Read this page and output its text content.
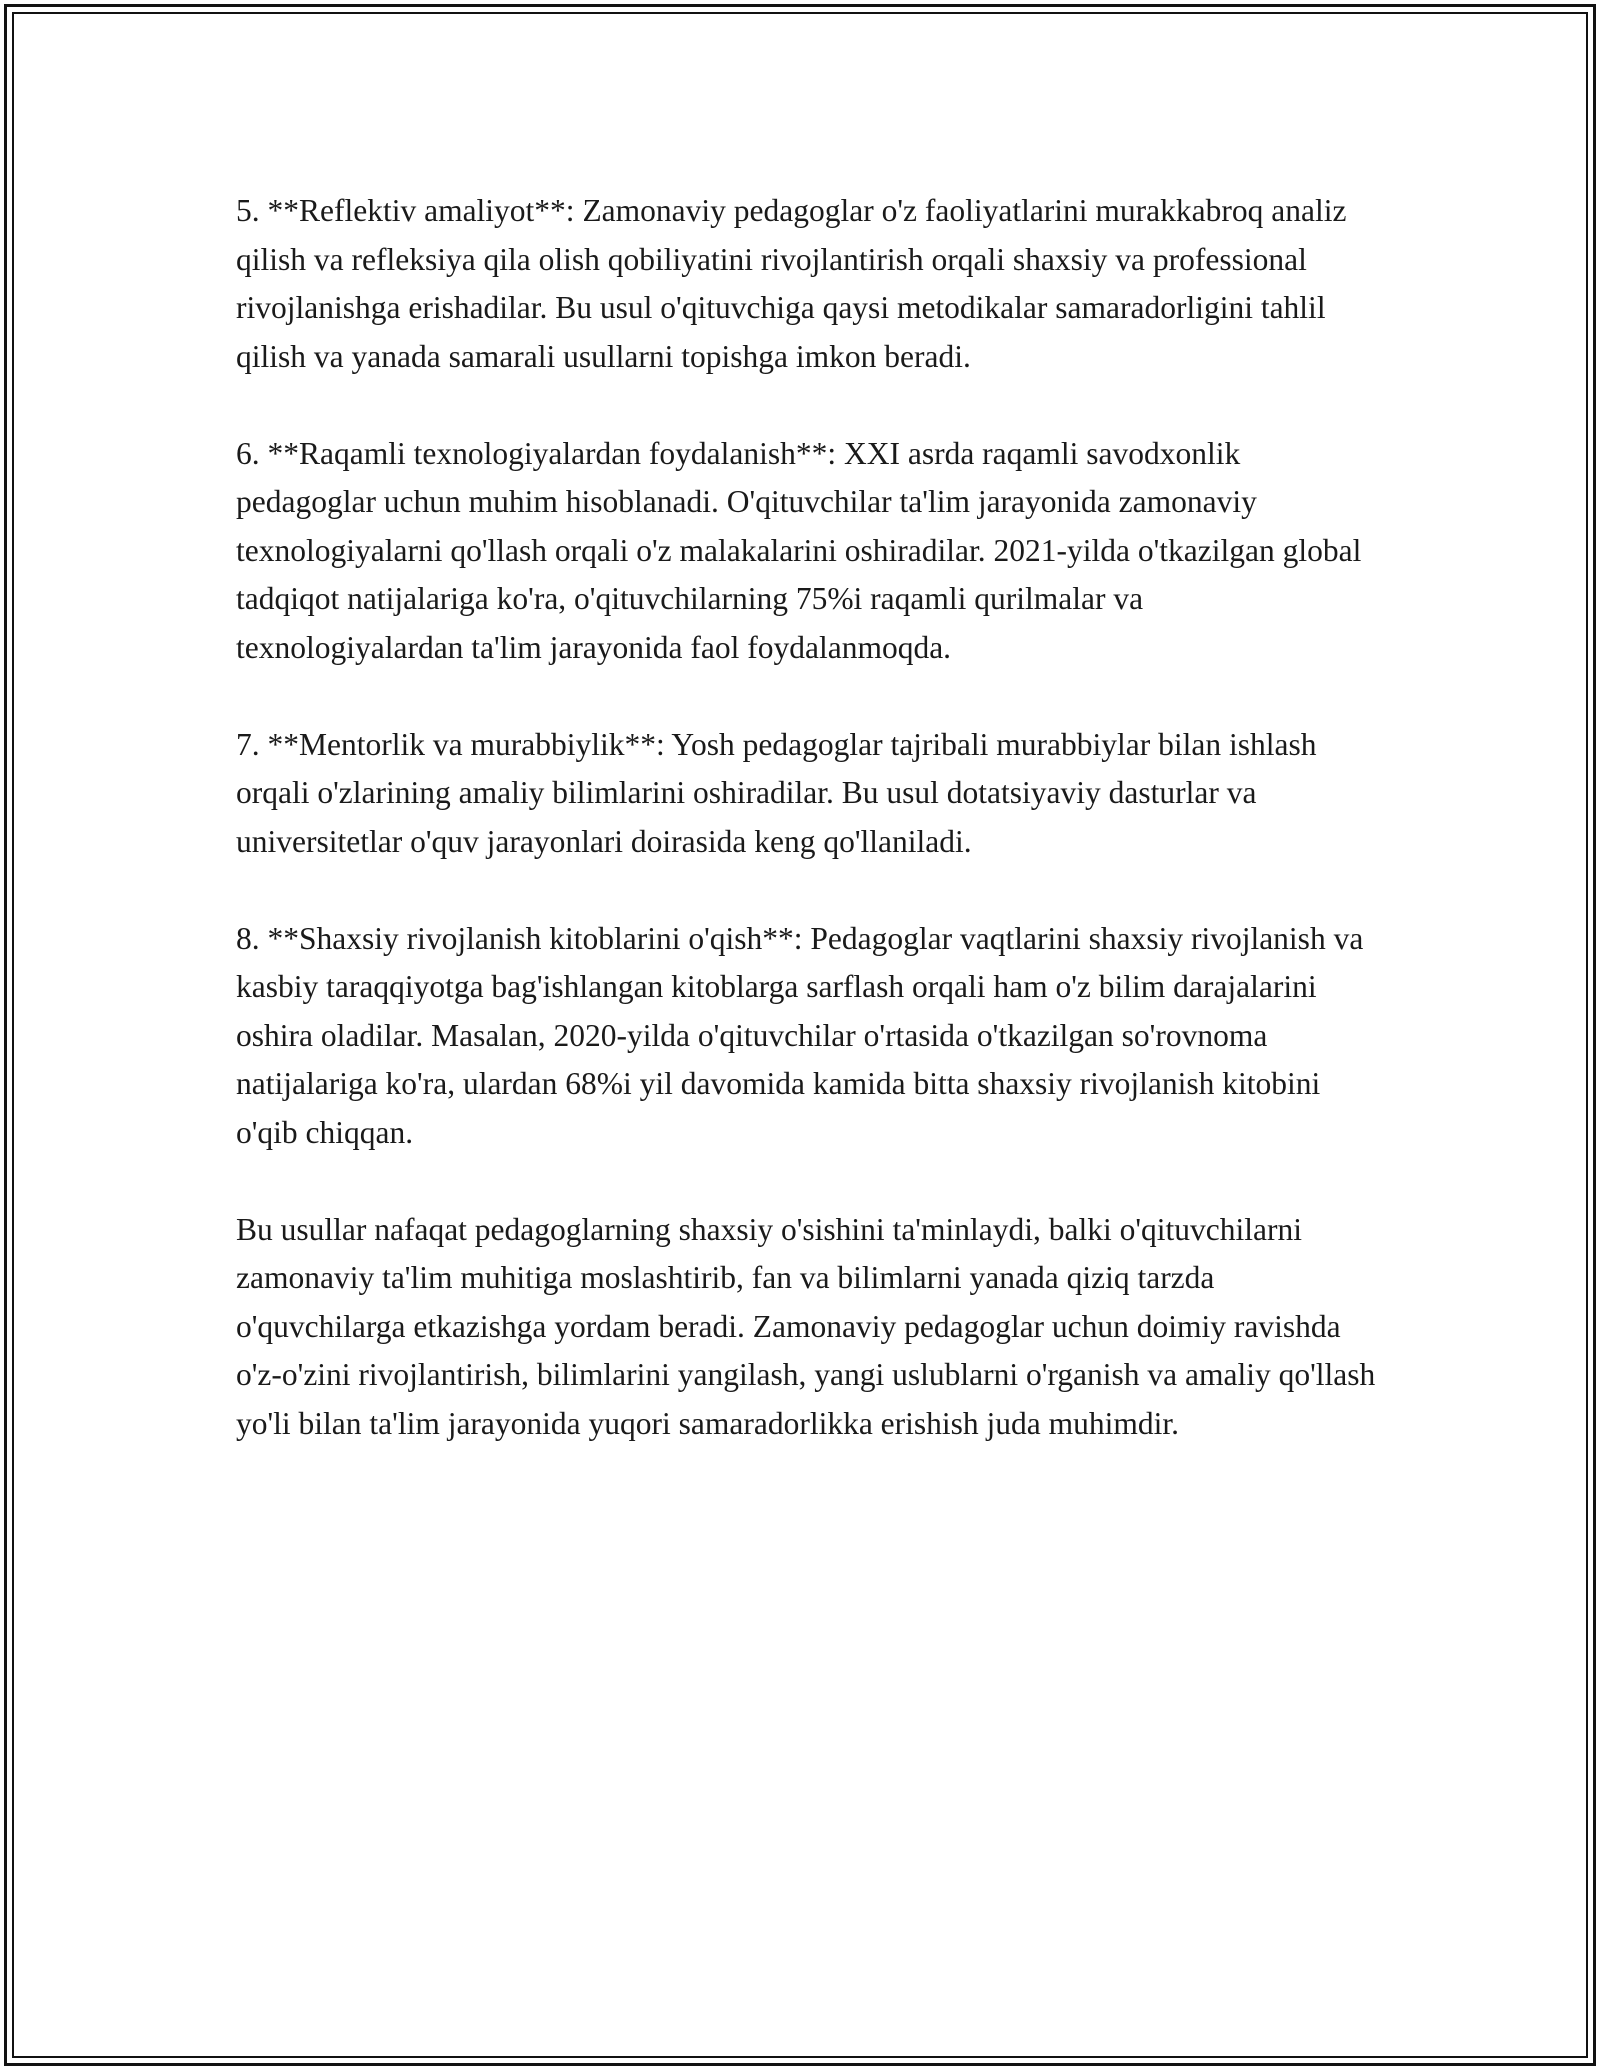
5. **Reflektiv amaliyot**: Zamonaviy pedagoglar o'z faoliyatlarini murakkabroq analiz qilish va refleksiya qila olish qobiliyatini rivojlantirish orqali shaxsiy va professional rivojlanishga erishadilar. Bu usul o'qituvchiga qaysi metodikalar samaradorligini tahlil qilish va yanada samarali usullarni topishga imkon beradi.

6. **Raqamli texnologiyalardan foydalanish**: XXI asrda raqamli savodxonlik pedagoglar uchun muhim hisoblanadi. O'qituvchilar ta'lim jarayonida zamonaviy texnologiyalarni qo'llash orqali o'z malakalarini oshiradilar. 2021-yilda o'tkazilgan global tadqiqot natijalariga ko'ra, o'qituvchilarning 75%i raqamli qurilmalar va texnologiyalardan ta'lim jarayonida faol foydalanmoqda.

7. **Mentorlik va murabbiylik**: Yosh pedagoglar tajribali murabbiylar bilan ishlash orqali o'zlarining amaliy bilimlarini oshiradilar. Bu usul dotatsiyaviy dasturlar va universitetlar o'quv jarayonlari doirasida keng qo'llaniladi.

8. **Shaxsiy rivojlanish kitoblarini o'qish**: Pedagoglar vaqtlarini shaxsiy rivojlanish va kasbiy taraqqiyotga bag'ishlangan kitoblarga sarflash orqali ham o'z bilim darajalarini oshira oladilar. Masalan, 2020-yilda o'qituvchilar o'rtasida o'tkazilgan so'rovnoma natijalariga ko'ra, ulardan 68%i yil davomida kamida bitta shaxsiy rivojlanish kitobini o'qib chiqqan.

Bu usullar nafaqat pedagoglarning shaxsiy o'sishini ta'minlaydi, balki o'qituvchilarni zamonaviy ta'lim muhitiga moslashtirib, fan va bilimlarni yanada qiziq tarzda o'quvchilarga etkazishga yordam beradi. Zamonaviy pedagoglar uchun doimiy ravishda o'z-o'zini rivojlantirish, bilimlarini yangilash, yangi uslublarni o'rganish va amaliy qo'llash yo'li bilan ta'lim jarayonida yuqori samaradorlikka erishish juda muhimdir.
